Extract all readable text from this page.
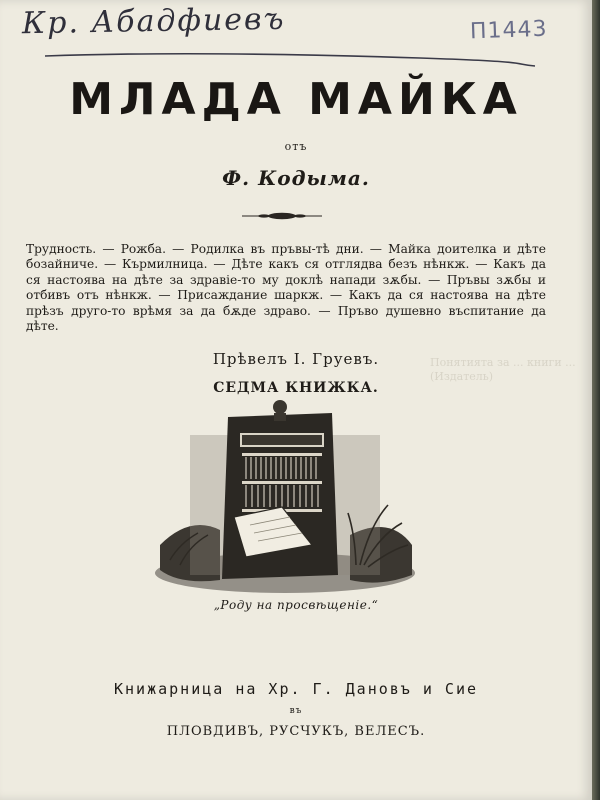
Кр. Абадфиевъ	П1443
МЛАДА МАЙКА
отъ
Ф. Кодыма.
Трудность. — Рожба. — Родилка въ пръвы-тѣ дни. — Майка доителка и дѣте бозайниче. — Кърмилница. — Дѣте какъ ся отглядва безъ нѣнкж. — Какъ да ся настоява на дѣте за здравіе-то му доклѣ напади зѫбы. — Пръвы зѫбы и отбивъ отъ нѣнкж. — Присаждание шаркж. — Какъ да ся настоява на дѣте прѣзъ друго-то врѣмя за да бѫде здраво. — Пръво душевно въспитание да дѣте.
Понятията за ... книги ... (Издатель)
Прѣвелъ І. Груевъ.
СЕДМА КНИЖКА.
„Роду на просвѣщеніе.“
Книжарница на Хр. Г. Дановъ и Сие
въ
ПЛОВДИВЪ, РУСЧУКЪ, ВЕЛЕСЪ.
